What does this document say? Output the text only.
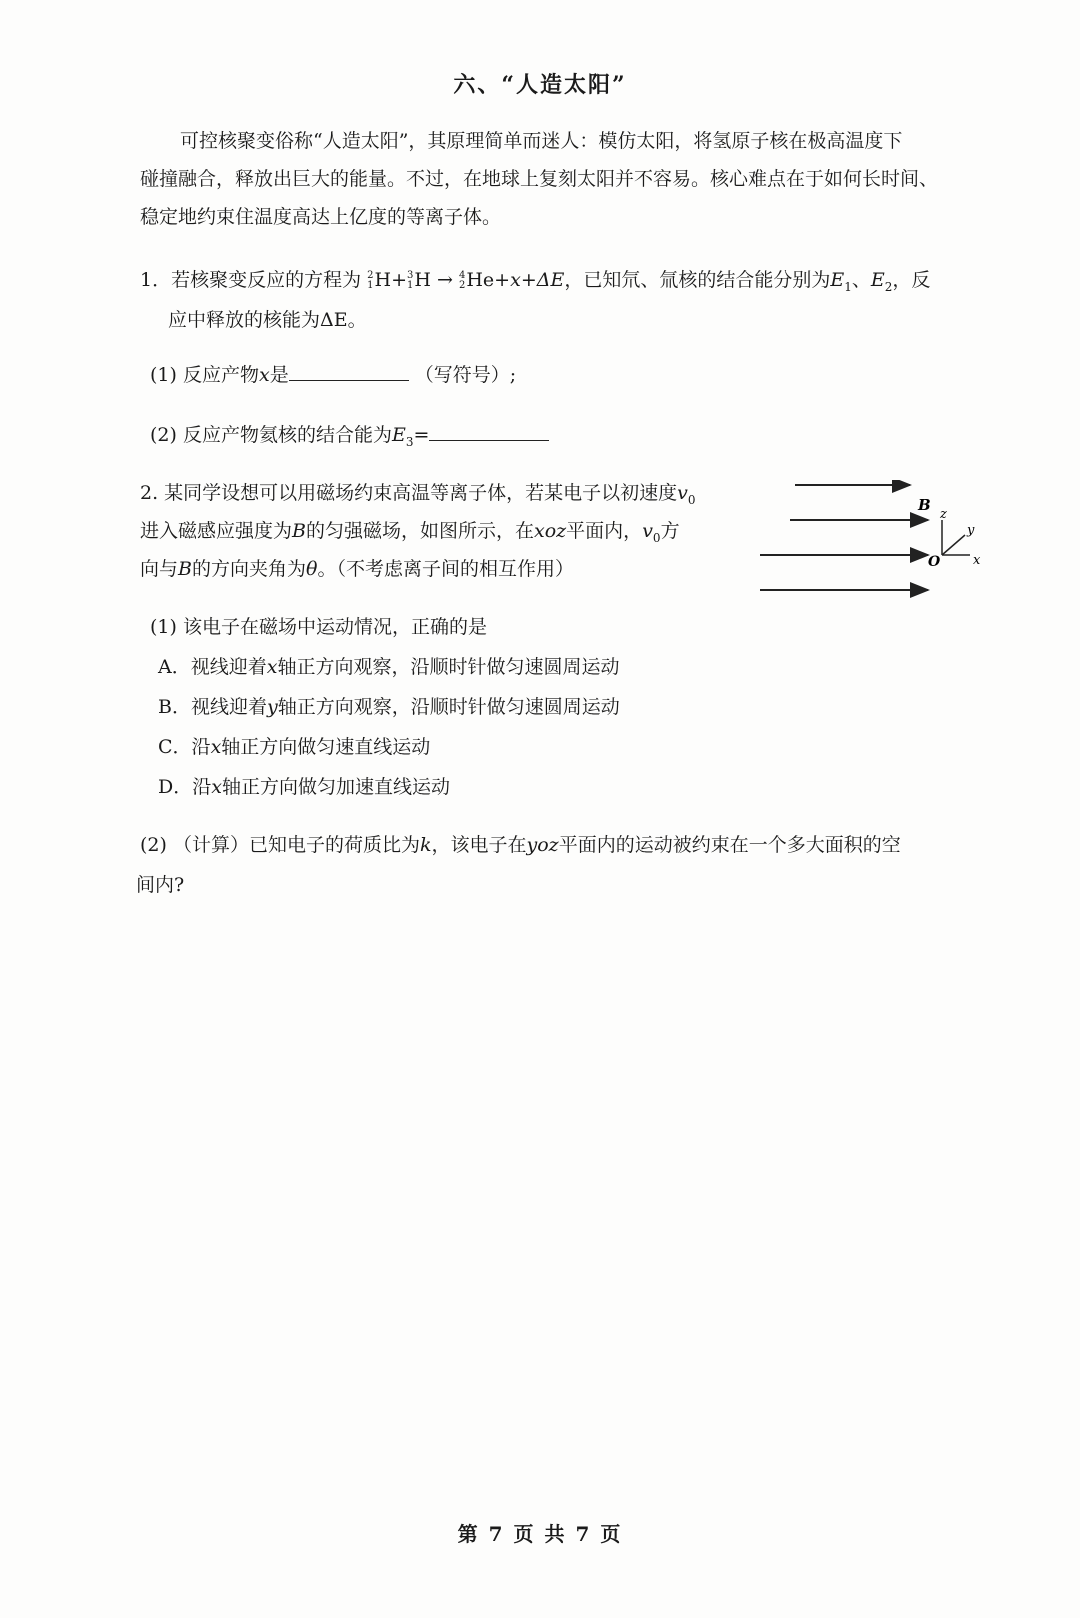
六、“人造太阳”
可控核聚变俗称“人造太阳”，其原理简单而迷人：模仿太阳，将氢原子核在极高温度下
碰撞融合，释放出巨大的能量。不过，在地球上复刻太阳并不容易。核心难点在于如何长时间、
稳定地约束住温度高达上亿度的等离子体。
1．若核聚变反应的方程为 2
1 H+ 3
1 H → 4
2 He+x+ΔE，已知氘、氚核的结合能分别为$E_1$、$E_2$，反
应中释放的核能为ΔE。
(1) 反应产物x是	（写符号）;
(2) 反应产物氦核的结合能为$E_3=$
2. 某同学设想可以用磁场约束高温等离子体，若某电子以初速度$v_0$
进入磁感应强度为B的匀强磁场，如图所示，在xoz平面内，$v_0$方
向与B的方向夹角为θ。（不考虑离子间的相互作用）
B
z
y
x
O
(1) 该电子在磁场中运动情况，正确的是
A．视线迎着x轴正方向观察，沿顺时针做匀速圆周运动
B．视线迎着y轴正方向观察，沿顺时针做匀速圆周运动
C．沿x轴正方向做匀速直线运动
D．沿x轴正方向做匀加速直线运动
(2) （计算）已知电子的荷质比为k，该电子在yoz平面内的运动被约束在一个多大面积的空
间内?
第 7 页 共 7 页
